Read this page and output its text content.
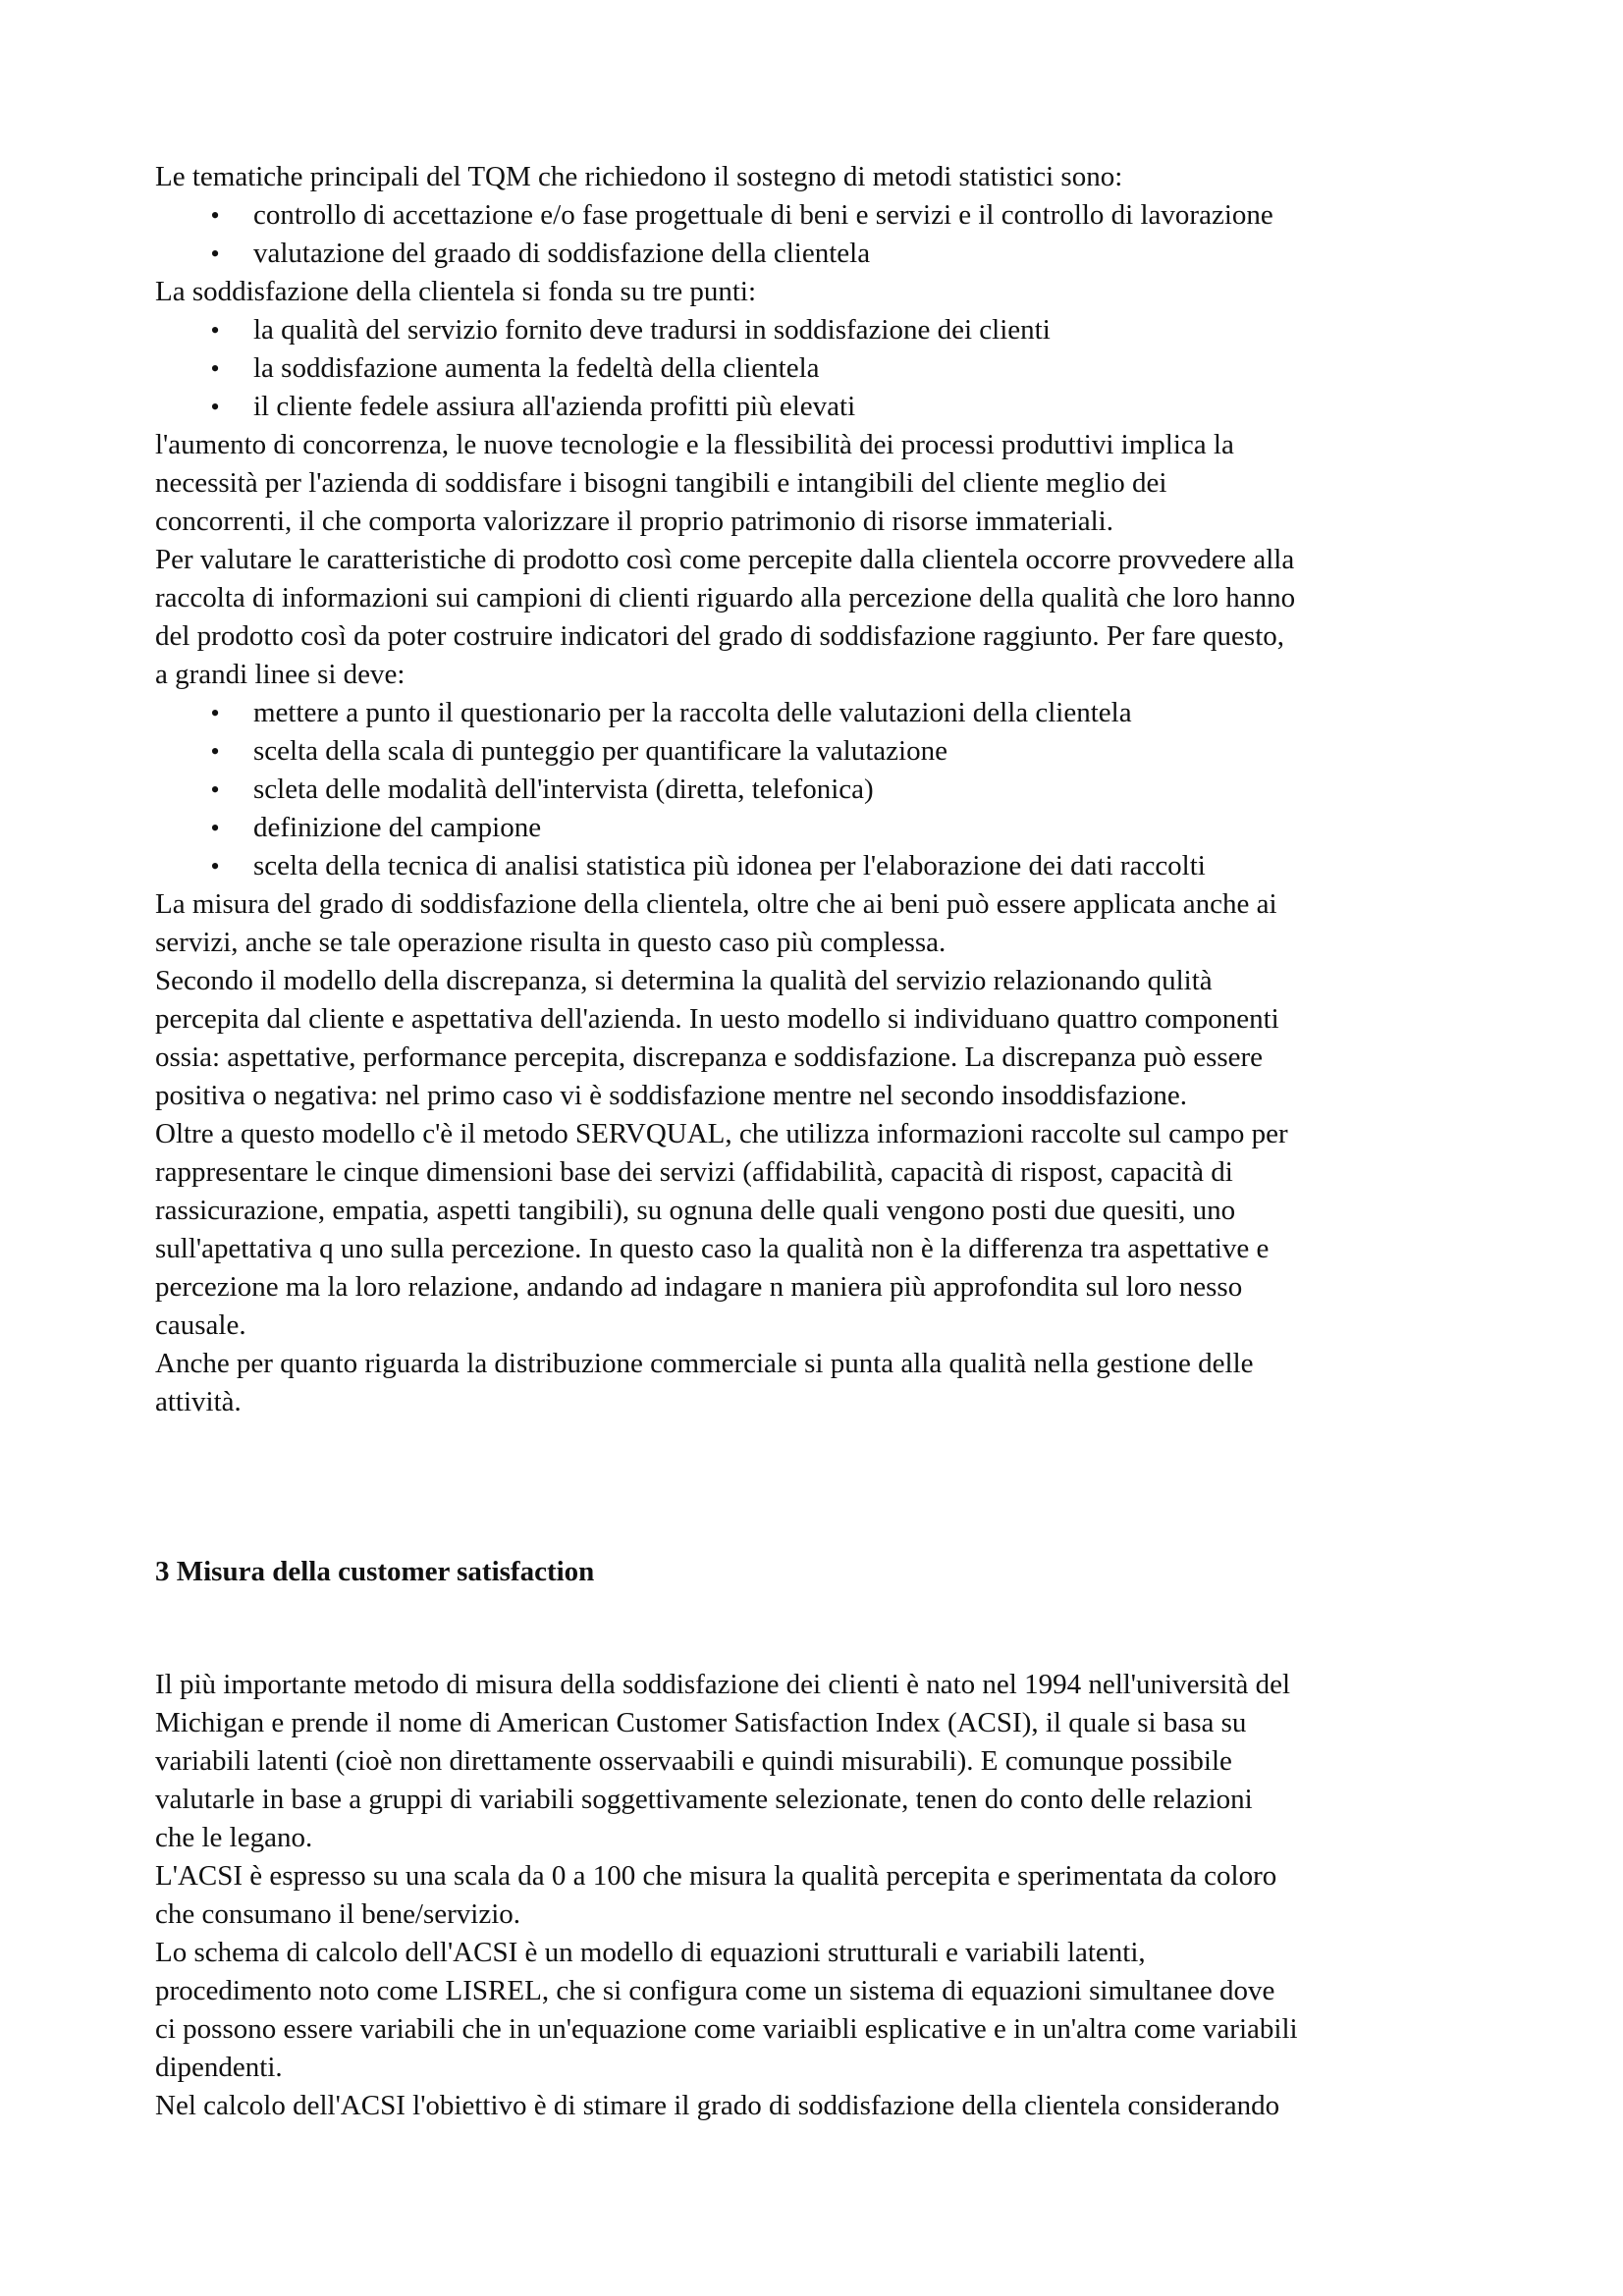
Le tematiche principali del TQM che richiedono il sostegno di metodi statistici sono:

• controllo di accettazione e/o fase progettuale di beni e servizi e il controllo di lavorazione
• valutazione del graado di soddisfazione della clientela

La soddisfazione della clientela si fonda su tre punti:

• la qualità del servizio fornito deve tradursi in soddisfazione dei clienti
• la soddisfazione aumenta la fedeltà della clientela
• il cliente fedele assiura all'azienda profitti più elevati

l'aumento di concorrenza, le nuove tecnologie e la flessibilità dei processi produttivi implica la

necessità per l'azienda di soddisfare i bisogni tangibili e intangibili del cliente meglio dei

concorrenti, il che comporta valorizzare il proprio patrimonio di risorse immateriali.

Per valutare le caratteristiche di prodotto così come percepite dalla clientela occorre provvedere alla

raccolta di informazioni sui campioni di clienti riguardo alla percezione della qualità che loro hanno

del prodotto così da poter costruire indicatori del grado di soddisfazione raggiunto. Per fare questo,

a grandi linee si deve:

• mettere a punto il questionario per la raccolta delle valutazioni della clientela
• scelta della scala di punteggio per quantificare la valutazione
• scleta delle modalità dell'intervista (diretta, telefonica)
• definizione del campione
• scelta della tecnica di analisi statistica più idonea per l'elaborazione dei dati raccolti

La misura del grado di soddisfazione della clientela, oltre che ai beni può essere applicata anche ai

servizi, anche se tale operazione risulta in questo caso più complessa.

Secondo il modello della discrepanza, si determina la qualità del servizio relazionando qulità

percepita dal cliente e aspettativa dell'azienda. In uesto modello si individuano quattro componenti

ossia: aspettative, performance percepita, discrepanza e soddisfazione. La discrepanza può essere

positiva o negativa: nel primo caso vi è soddisfazione mentre nel secondo insoddisfazione.

Oltre a questo modello c'è il metodo SERVQUAL, che utilizza informazioni raccolte sul campo per

rappresentare le cinque dimensioni base dei servizi (affidabilità, capacità di rispost, capacità di

rassicurazione, empatia, aspetti tangibili), su ognuna delle quali vengono posti due quesiti, uno

sull'apettativa q uno sulla percezione. In questo caso la qualità non è la differenza tra aspettative e

percezione ma la loro relazione, andando ad indagare n maniera più approfondita sul loro nesso

causale.

Anche per quanto riguarda la distribuzione commerciale si punta alla qualità nella gestione delle

attività.

3 Misura della customer satisfaction

Il più importante metodo di misura della soddisfazione dei clienti è nato nel 1994 nell'università del

Michigan e prende il nome di American Customer Satisfaction Index (ACSI), il quale si basa su

variabili latenti (cioè non direttamente osservaabili e quindi misurabili). E comunque possibile

valutarle in base a gruppi di variabili soggettivamente selezionate, tenen do conto delle relazioni

che le legano.

L'ACSI è espresso su una scala da 0 a 100 che misura la qualità percepita e sperimentata da coloro

che consumano il bene/servizio.

Lo schema di calcolo dell'ACSI è un modello di equazioni strutturali e variabili latenti,

procedimento noto come LISREL, che si configura come un sistema di equazioni simultanee dove

ci possono essere variabili che in un'equazione come variaibli esplicative e in un'altra come variabili

dipendenti.

Nel calcolo dell'ACSI l'obiettivo è di stimare il grado di soddisfazione della clientela considerando
